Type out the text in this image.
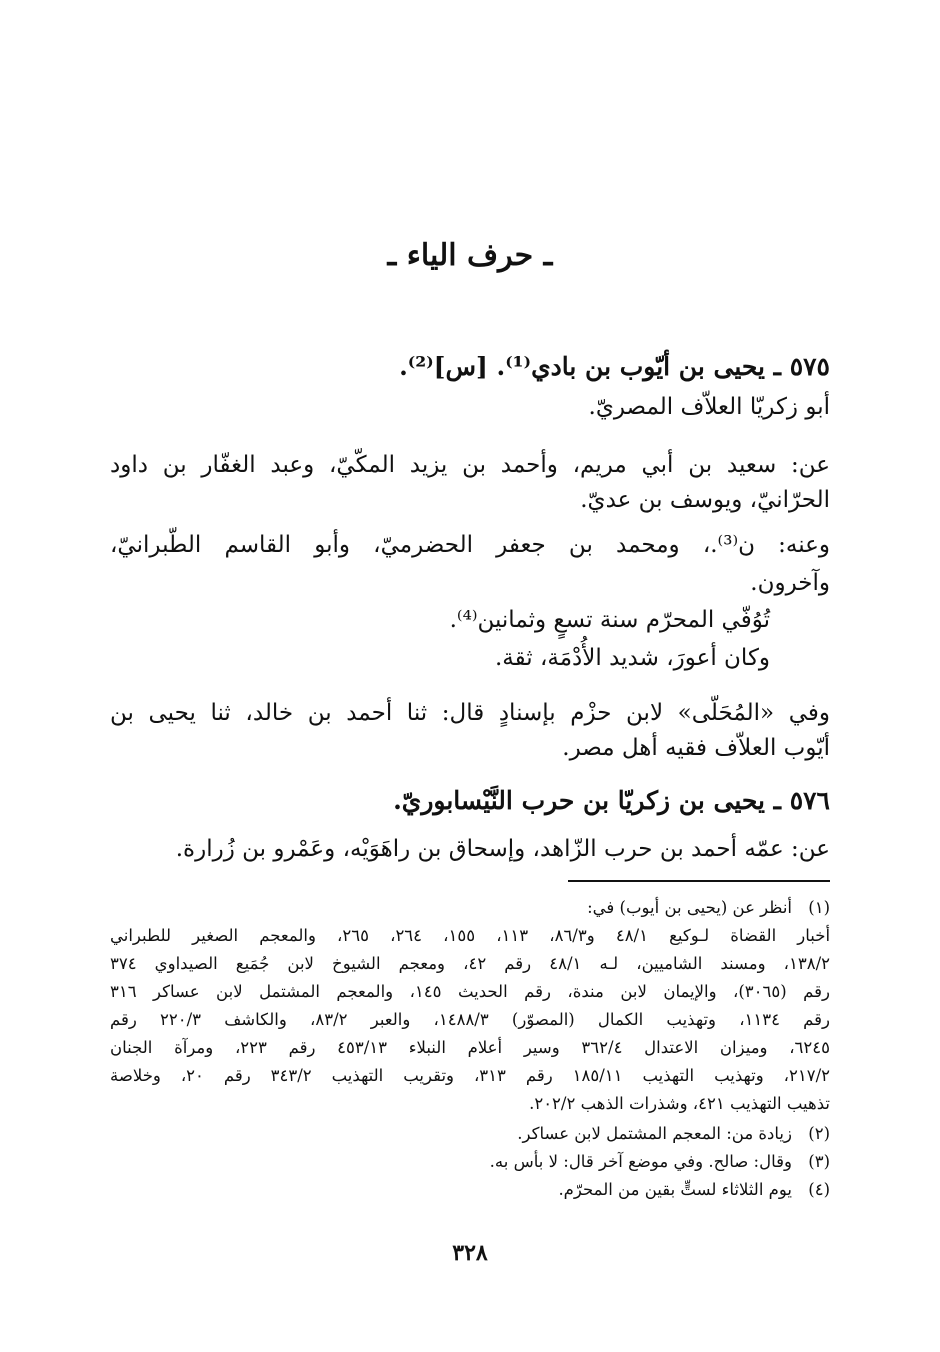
ـ حرف الياء ـ
٥٧٥ ـ يحيى بن أيّوب بن بادي⁽¹⁾. [س]⁽²⁾.
أبو زكريّا العلاّف المصريّ.
عن: سعيد بن أبي مريم، وأحمد بن يزيد المكّيّ، وعبد الغفّار بن داود
الحرّانيّ، ويوسف بن عديّ.
وعنه: ن⁽³⁾.، ومحمد بن جعفر الحضرميّ، وأبو القاسم الطّبرانيّ،
وآخرون.
تُوُفّي المحرّم سنة تسعٍ وثمانين⁽⁴⁾.
وكان أعورَ، شديد الأُدْمَة، ثقة.
وفي «المُحَلّى» لابن حزْم بإسنادٍ قال: ثنا أحمد بن خالد، ثنا يحيى بن
أيّوب العلاّف فقيه أهل مصر.
٥٧٦ ـ يحيى بن زكريّا بن حرب النَّيْسابوريّ.
عن: عمّه أحمد بن حرب الزّاهد، وإسحاق بن راهَوَيْه، وعَمْرو بن زُرارة.
(١)
أنظر عن (يحيى بن أيوب) في:
أخبار القضاة لـوكيع ٤٨/١ و٨٦/٣، ١١٣، ١٥٥، ٢٦٤، ٢٦٥، والمعجم الصغير للطبراني
١٣٨/٢، ومسند الشاميين، لـه ٤٨/١ رقم ٤٢، ومعجم الشيوخ لابن جُمَيع الصيداوي ٣٧٤
رقم (٣٠٦٥)، والإيمان لابن مندة، رقم الحديث ١٤٥، والمعجم المشتمل لابن عساكر ٣١٦
رقم ١١٣٤، وتهذيب الكمال (المصوّر) ١٤٨٨/٣، والعبر ٨٣/٢، والكاشف ٢٢٠/٣ رقم
٦٢٤٥، وميزان الاعتدال ٣٦٢/٤ وسير أعلام النبلاء ٤٥٣/١٣ رقم ٢٢٣، ومرآة الجنان
٢١٧/٢، وتهذيب التهذيب ١٨٥/١١ رقم ٣١٣، وتقريب التهذيب ٣٤٣/٢ رقم ٢٠، وخلاصة
تذهيب التهذيب ٤٢١، وشذرات الذهب ٢٠٢/٢.
(٢)
زيادة من: المعجم المشتمل لابن عساكر.
(٣)
وقال: صالح. وفي موضع آخر قال: لا بأس به.
(٤)
يوم الثلاثاء لستٍّ بقين من المحرّم.
٣٢٨
